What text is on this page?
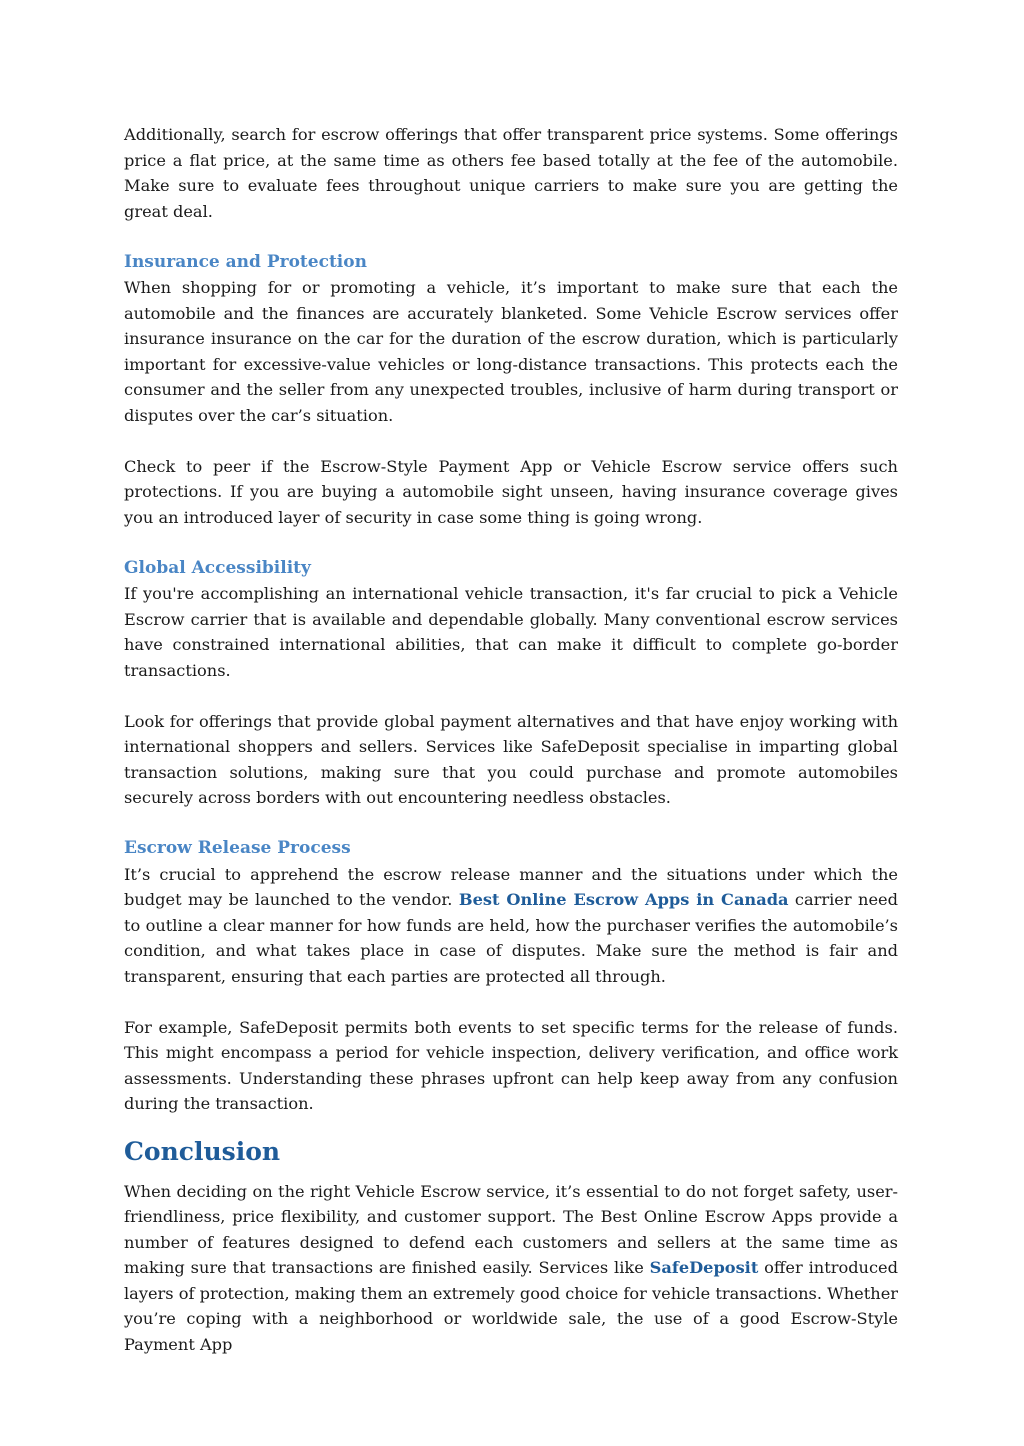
Additionally, search for escrow offerings that offer transparent price systems. Some offerings price a flat price, at the same time as others fee based totally at the fee of the automobile. Make sure to evaluate fees throughout unique carriers to make sure you are getting the great deal.

Insurance and Protection

When shopping for or promoting a vehicle, it’s important to make sure that each the automobile and the finances are accurately blanketed. Some Vehicle Escrow services offer insurance insurance on the car for the duration of the escrow duration, which is particularly important for excessive-value vehicles or long-distance transactions. This protects each the consumer and the seller from any unexpected troubles, inclusive of harm during transport or disputes over the car’s situation.

Check to peer if the Escrow-Style Payment App or Vehicle Escrow service offers such protections. If you are buying a automobile sight unseen, having insurance coverage gives you an introduced layer of security in case some thing is going wrong.

Global Accessibility

If you're accomplishing an international vehicle transaction, it's far crucial to pick a Vehicle Escrow carrier that is available and dependable globally. Many conventional escrow services have constrained international abilities, that can make it difficult to complete go-border transactions.

Look for offerings that provide global payment alternatives and that have enjoy working with international shoppers and sellers. Services like SafeDeposit specialise in imparting global transaction solutions, making sure that you could purchase and promote automobiles securely across borders with out encountering needless obstacles.

Escrow Release Process

It’s crucial to apprehend the escrow release manner and the situations under which the budget may be launched to the vendor. Best Online Escrow Apps in Canada carrier need to outline a clear manner for how funds are held, how the purchaser verifies the automobile’s condition, and what takes place in case of disputes. Make sure the method is fair and transparent, ensuring that each parties are protected all through.

For example, SafeDeposit permits both events to set specific terms for the release of funds. This might encompass a period for vehicle inspection, delivery verification, and office work assessments. Understanding these phrases upfront can help keep away from any confusion during the transaction.

Conclusion

When deciding on the right Vehicle Escrow service, it’s essential to do not forget safety, user-friendliness, price flexibility, and customer support. The Best Online Escrow Apps provide a number of features designed to defend each customers and sellers at the same time as making sure that transactions are finished easily. Services like SafeDeposit offer introduced layers of protection, making them an extremely good choice for vehicle transactions. Whether you’re coping with a neighborhood or worldwide sale, the use of a good Escrow-Style Payment App
